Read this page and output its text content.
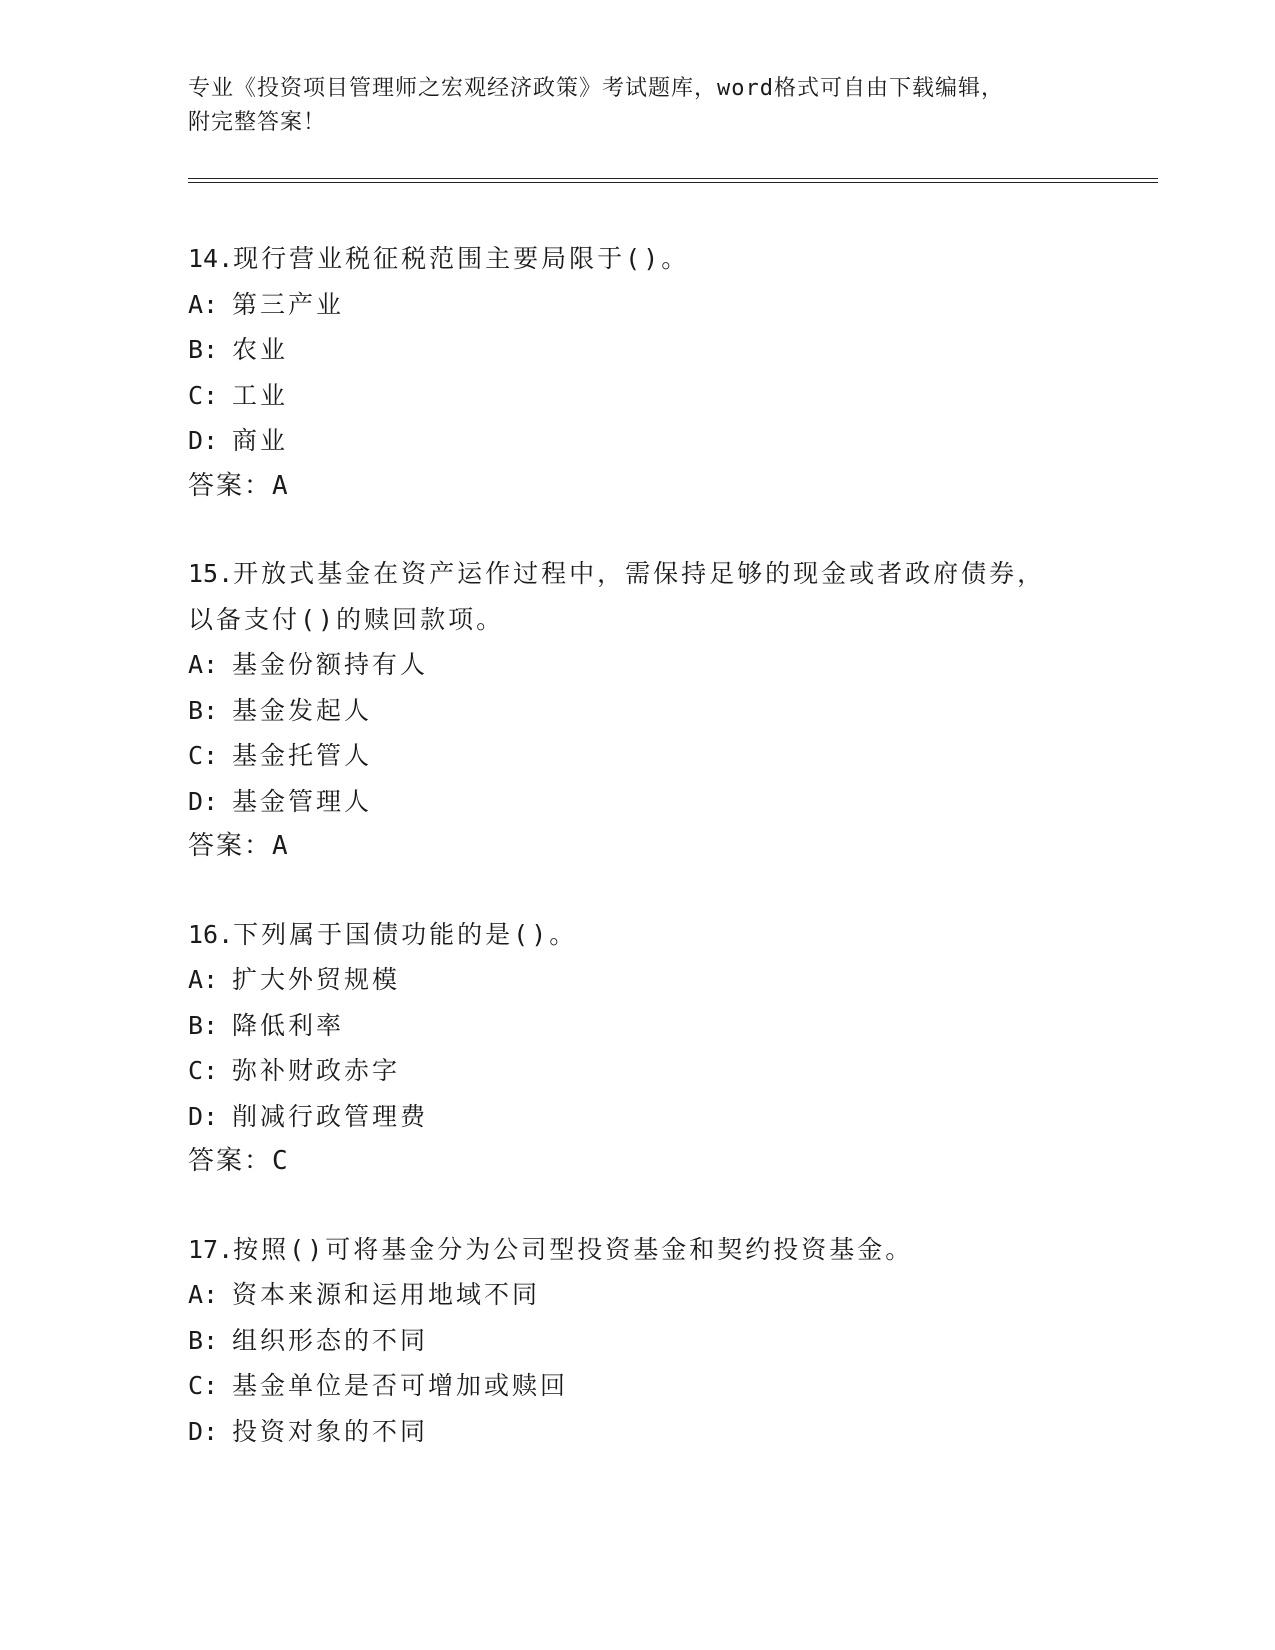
专业《投资项目管理师之宏观经济政策》考试题库，word格式可自由下载编辑，
附完整答案！
14.现行营业税征税范围主要局限于()。
A: 第三产业
B: 农业
C: 工业
D: 商业
答案：A
15.开放式基金在资产运作过程中，需保持足够的现金或者政府债券，
以备支付()的赎回款项。
A: 基金份额持有人
B: 基金发起人
C: 基金托管人
D: 基金管理人
答案：A
16.下列属于国债功能的是()。
A: 扩大外贸规模
B: 降低利率
C: 弥补财政赤字
D: 削减行政管理费
答案：C
17.按照()可将基金分为公司型投资基金和契约投资基金。
A: 资本来源和运用地域不同
B: 组织形态的不同
C: 基金单位是否可增加或赎回
D: 投资对象的不同
